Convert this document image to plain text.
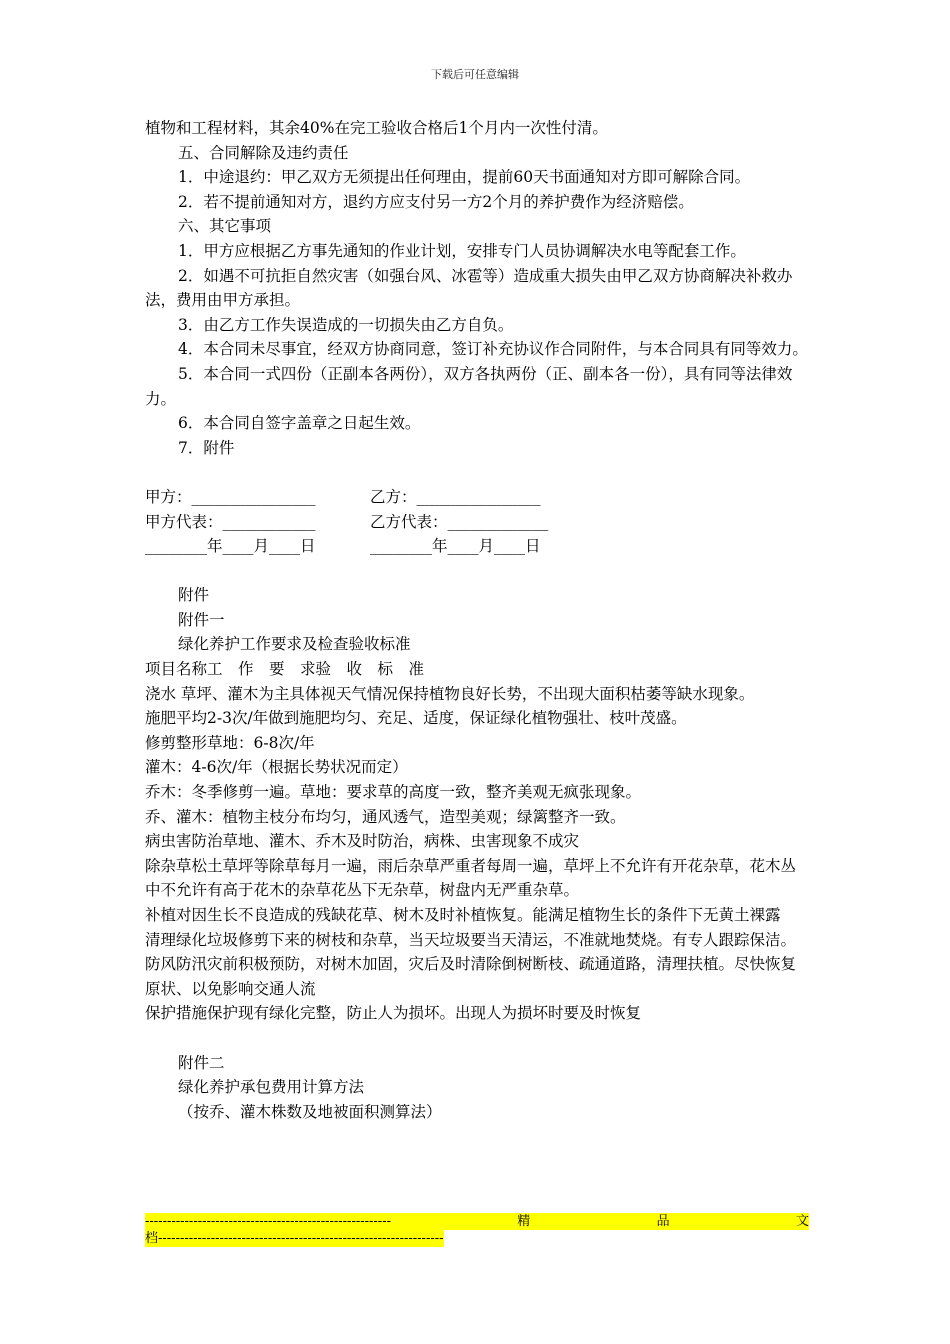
下载后可任意编辑

植物和工程材料，其余40%在完工验收合格后1个月内一次性付清。

五、合同解除及违约责任

1．中途退约：甲乙双方无须提出任何理由，提前60天书面通知对方即可解除合同。

2．若不提前通知对方，退约方应支付另一方2个月的养护费作为经济赔偿。

六、其它事项

1．甲方应根据乙方事先通知的作业计划，安排专门人员协调解决水电等配套工作。

2．如遇不可抗拒自然灾害（如强台风、冰雹等）造成重大损失由甲乙双方协商解决补救办法，费用由甲方承担。

3．由乙方工作失误造成的一切损失由乙方自负。

4．本合同未尽事宜，经双方协商同意，签订补充协议作合同附件，与本合同具有同等效力。

5．本合同一式四份（正副本各两份），双方各执两份（正、副本各一份），具有同等法律效力。

6．本合同自签字盖章之日起生效。

7．附件

甲方：________________	乙方：________________
甲方代表：____________	乙方代表：_____________
________年____月____日	________年____月____日

附件

附件一

绿化养护工作要求及检查验收标准

项目名称工　作　要　求验　收　标　准

浇水 草坪、灌木为主具体视天气情况保持植物良好长势，不出现大面积枯萎等缺水现象。

施肥平均2-3次/年做到施肥均匀、充足、适度，保证绿化植物强壮、枝叶茂盛。

修剪整形草地：6-8次/年

灌木：4-6次/年（根据长势状况而定）

乔木：冬季修剪一遍。草地：要求草的高度一致，整齐美观无疯张现象。

乔、灌木：植物主枝分布均匀，通风透气，造型美观；绿篱整齐一致。

病虫害防治草地、灌木、乔木及时防治，病株、虫害现象不成灾

除杂草松土草坪等除草每月一遍，雨后杂草严重者每周一遍，草坪上不允许有开花杂草，花木丛中不允许有高于花木的杂草花丛下无杂草，树盘内无严重杂草。

补植对因生长不良造成的残缺花草、树木及时补植恢复。能满足植物生长的条件下无黄土裸露

清理绿化垃圾修剪下来的树枝和杂草，当天垃圾要当天清运，不准就地焚烧。有专人跟踪保洁。

防风防汛灾前积极预防，对树木加固，灾后及时清除倒树断枝、疏通道路，清理扶植。尽快恢复原状、以免影响交通人流

保护措施保护现有绿化完整，防止人为损坏。出现人为损坏时要及时恢复

附件二

绿化养护承包费用计算方法

（按乔、灌木株数及地被面积测算法）

--------------------------------------------------------	精	品	文
档-----------------------------------------------------------------
